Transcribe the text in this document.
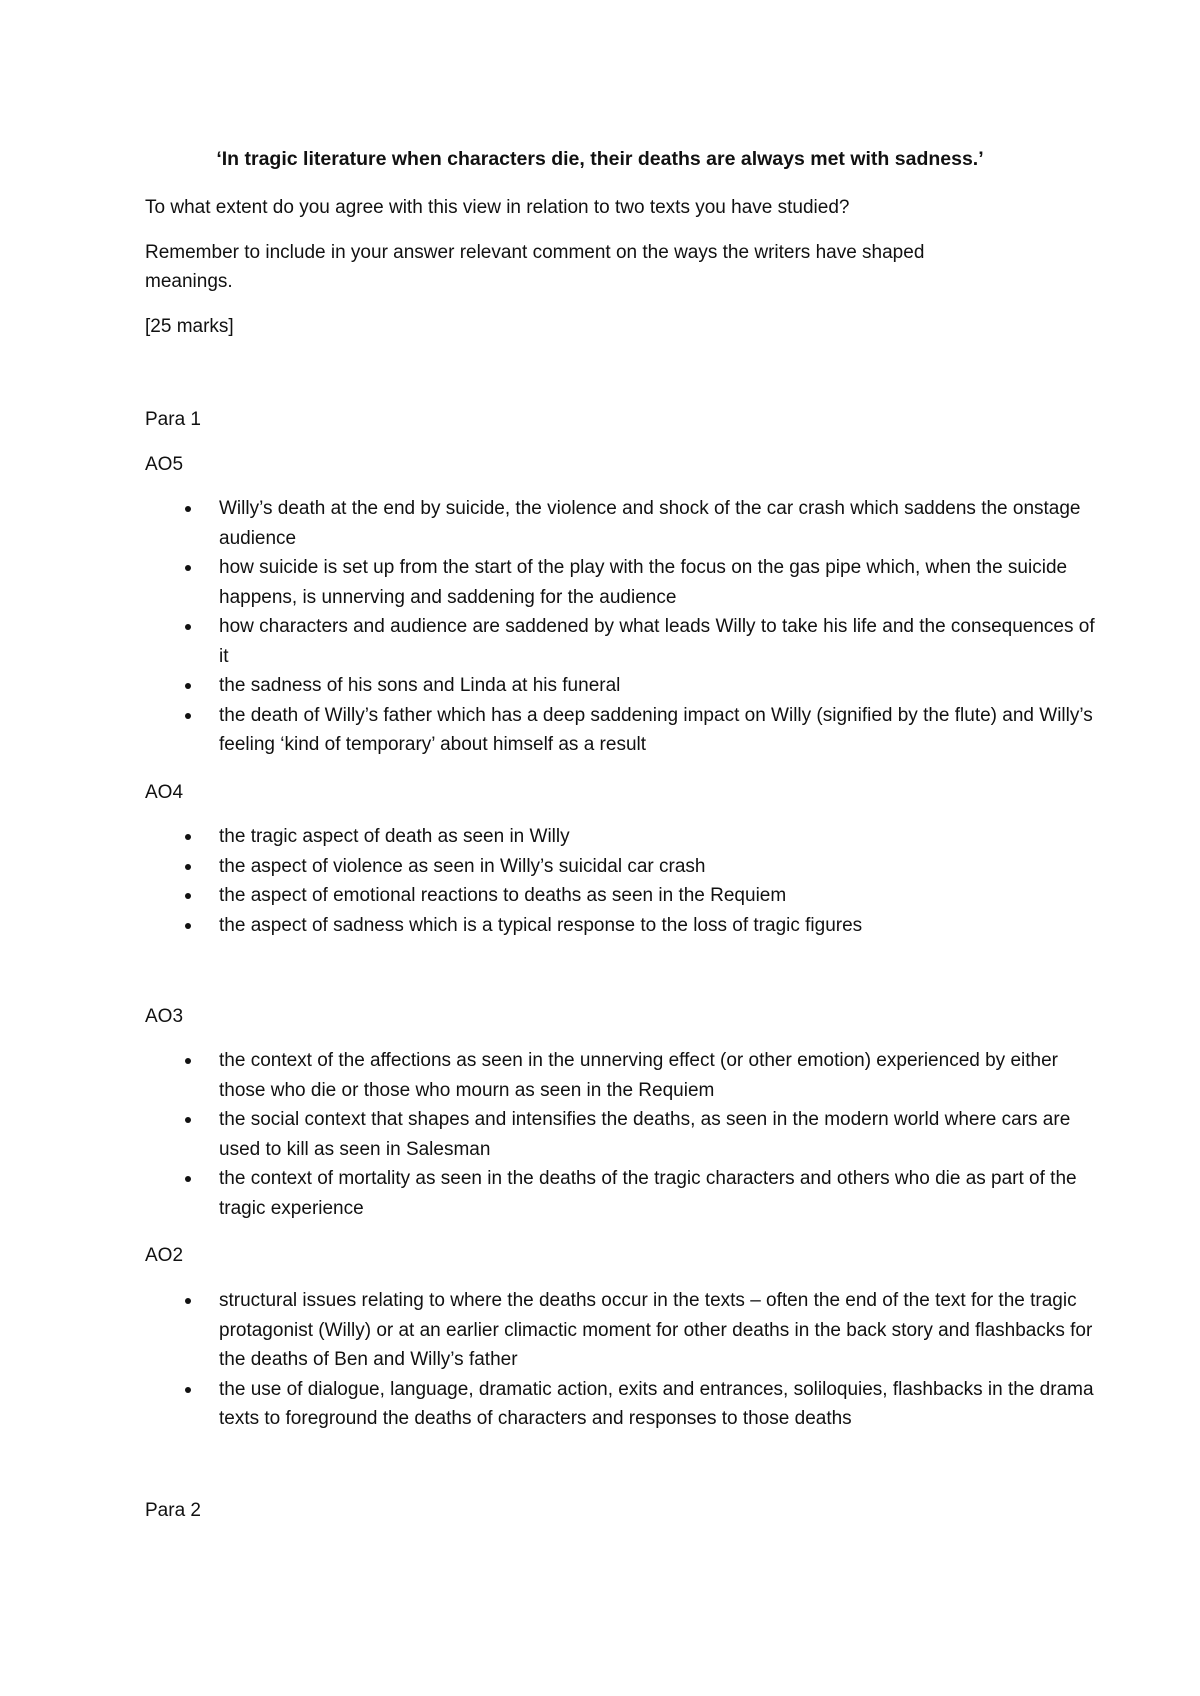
‘In tragic literature when characters die, their deaths are always met with sadness.’
To what extent do you agree with this view in relation to two texts you have studied?
Remember to include in your answer relevant comment on the ways the writers have shaped
meanings.
[25 marks]
Para 1
AO5
Willy’s death at the end by suicide, the violence and shock of the car crash which saddens the onstage audience
how suicide is set up from the start of the play with the focus on the gas pipe which, when the suicide happens, is unnerving and saddening for the audience
how characters and audience are saddened by what leads Willy to take his life and the consequences of it
the sadness of his sons and Linda at his funeral
the death of Willy’s father which has a deep saddening impact on Willy (signified by the flute) and Willy’s feeling ‘kind of temporary’ about himself as a result
AO4
the tragic aspect of death as seen in Willy
the aspect of violence as seen in Willy’s suicidal car crash
the aspect of emotional reactions to deaths as seen in the Requiem
the aspect of sadness which is a typical response to the loss of tragic figures
AO3
the context of the affections as seen in the unnerving effect (or other emotion) experienced by either those who die or those who mourn as seen in the Requiem
the social context that shapes and intensifies the deaths, as seen in the modern world where cars are used to kill as seen in Salesman
the context of mortality as seen in the deaths of the tragic characters and others who die as part of the tragic experience
AO2
structural issues relating to where the deaths occur in the texts – often the end of the text for the tragic protagonist (Willy) or at an earlier climactic moment for other deaths in the back story and flashbacks for the deaths of Ben and Willy’s father
the use of dialogue, language, dramatic action, exits and entrances, soliloquies, flashbacks in the drama texts to foreground the deaths of characters and responses to those deaths
Para 2
